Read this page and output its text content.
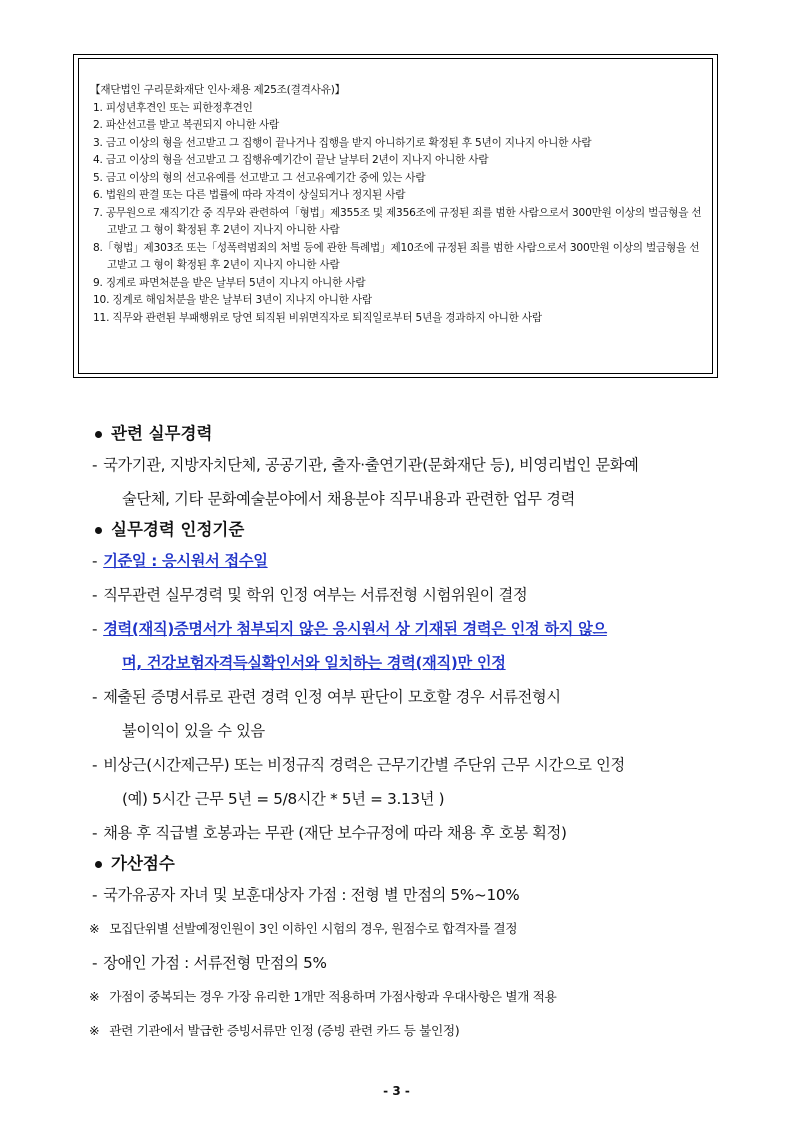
【재단법인 구리문화재단 인사·채용 제25조(결격사유)】
1. 피성년후견인 또는 피한정후견인
2. 파산선고를 받고 복권되지 아니한 사람
3. 금고 이상의 형을 선고받고 그 집행이 끝나거나 집행을 받지 아니하기로 확정된 후 5년이 지나지 아니한 사람
4. 금고 이상의 형을 선고받고 그 집행유예기간이 끝난 날부터 2년이 지나지 아니한 사람
5. 금고 이상의 형의 선고유예를 선고받고 그 선고유예기간 중에 있는 사람
6. 법원의 판결 또는 다른 법률에 따라 자격이 상실되거나 정지된 사람
7. 공무원으로 재직기간 중 직무와 관련하여「형법」제355조 및 제356조에 규정된 죄를 범한 사람으로서 300만원 이상의 벌금형을 선고받고 그 형이 확정된 후 2년이 지나지 아니한 사람
8.「형법」제303조 또는「성폭력범죄의 처벌 등에 관한 특례법」제10조에 규정된 죄를 범한 사람으로서 300만원 이상의 벌금형을 선고받고 그 형이 확정된 후 2년이 지나지 아니한 사람
9. 징계로 파면처분을 받은 날부터 5년이 지나지 아니한 사람
10. 징계로 해임처분을 받은 날부터 3년이 지나지 아니한 사람
11. 직무와 관련된 부패행위로 당연 퇴직된 비위면직자로 퇴직일로부터 5년을 경과하지 아니한 사람
관련 실무경력
- 국가기관, 지방자치단체, 공공기관, 출자·출연기관(문화재단 등), 비영리법인 문화예
술단체, 기타 문화예술분야에서 채용분야 직무내용과 관련한 업무 경력
실무경력 인정기준
- 기준일 : 응시원서 접수일
- 직무관련 실무경력 및 학위 인정 여부는 서류전형 시험위원이 결정
- 경력(재직)증명서가 첨부되지 않은 응시원서 상 기재된 경력은 인정 하지 않으
며, 건강보험자격득실확인서와 일치하는 경력(재직)만 인정
- 제출된 증명서류로 관련 경력 인정 여부 판단이 모호할 경우 서류전형시
불이익이 있을 수 있음
- 비상근(시간제근무) 또는 비정규직 경력은 근무기간별 주단위 근무 시간으로 인정
(예) 5시간 근무 5년 = 5/8시간 * 5년 = 3.13년 )
- 채용 후 직급별 호봉과는 무관 (재단 보수규정에 따라 채용 후 호봉 획정)
가산점수
- 국가유공자 자녀 및 보훈대상자 가점 : 전형 별 만점의 5%~10%
※ 모집단위별 선발예정인원이 3인 이하인 시험의 경우, 원점수로 합격자를 결정
- 장애인 가점 : 서류전형 만점의 5%
※ 가점이 중복되는 경우 가장 유리한 1개만 적용하며 가점사항과 우대사항은 별개 적용
※ 관련 기관에서 발급한 증빙서류만 인정 (증빙 관련 카드 등 불인정)
- 3 -
